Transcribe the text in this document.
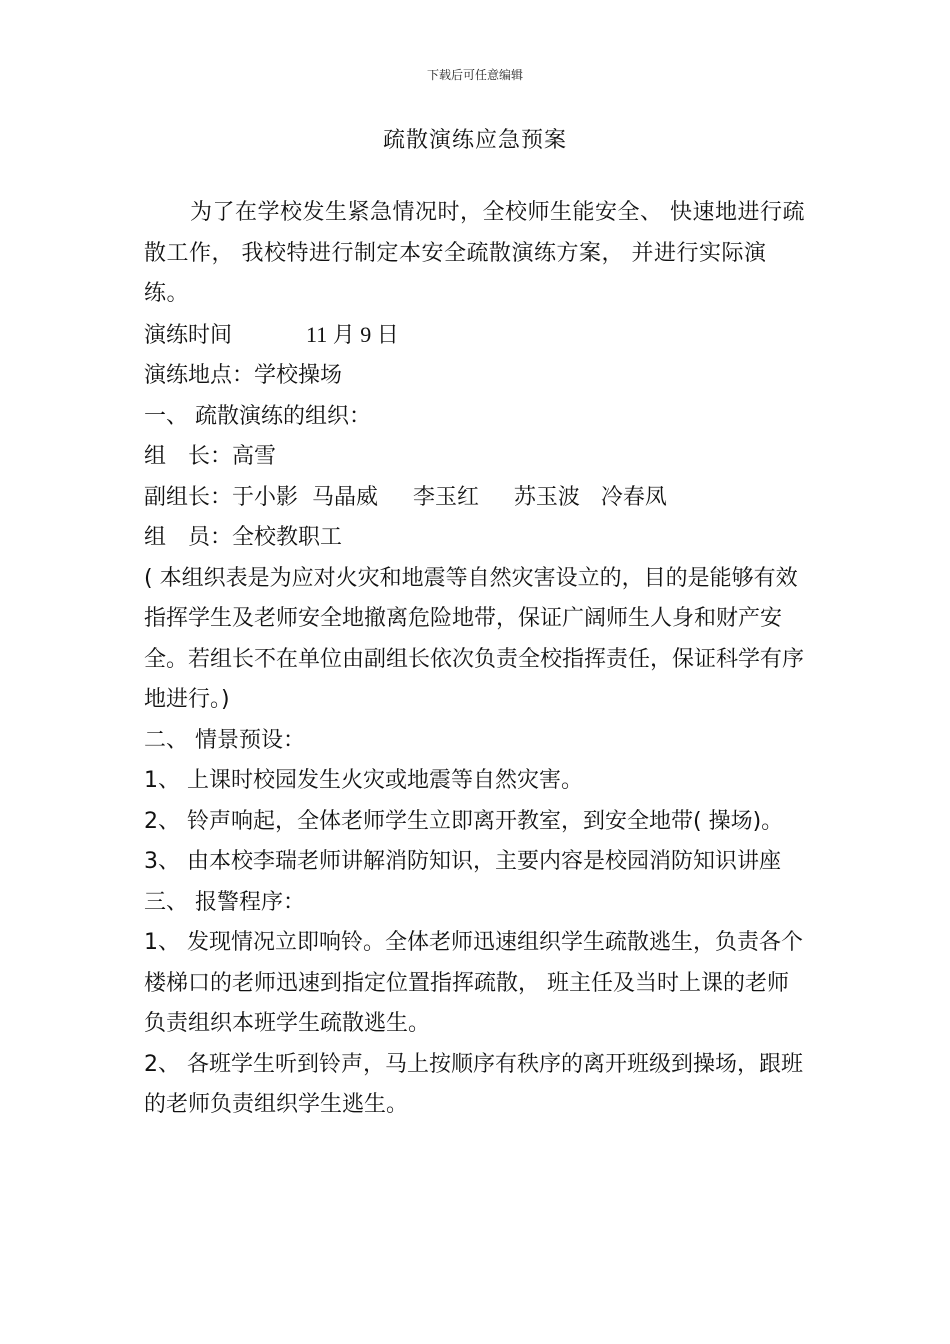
下载后可任意编辑
疏散演练应急预案

为了在学校发生紧急情况时，全校师生能安全、 快速地进行疏散工作， 我校特进行制定本安全疏散演练方案， 并进行实际演练。

演练时间	11 月 9 日

演练地点：学校操场

一、 疏散演练的组织：

组　长：高雪

副组长：于小影  马晶威     李玉红     苏玉波   冷春凤

组　员：全校教职工

( 本组织表是为应对火灾和地震等自然灾害设立的，目的是能够有效指挥学生及老师安全地撤离危险地带，保证广阔师生人身和财产安全。若组长不在单位由副组长依次负责全校指挥责任，保证科学有序地进行。)

二、 情景预设：

1、 上课时校园发生火灾或地震等自然灾害。

2、 铃声响起，全体老师学生立即离开教室，到安全地带( 操场)。

3、 由本校李瑞老师讲解消防知识，主要内容是校园消防知识讲座

三、 报警程序：

1、 发现情况立即响铃。全体老师迅速组织学生疏散逃生，负责各个楼梯口的老师迅速到指定位置指挥疏散， 班主任及当时上课的老师负责组织本班学生疏散逃生。

2、 各班学生听到铃声，马上按顺序有秩序的离开班级到操场，跟班的老师负责组织学生逃生。
